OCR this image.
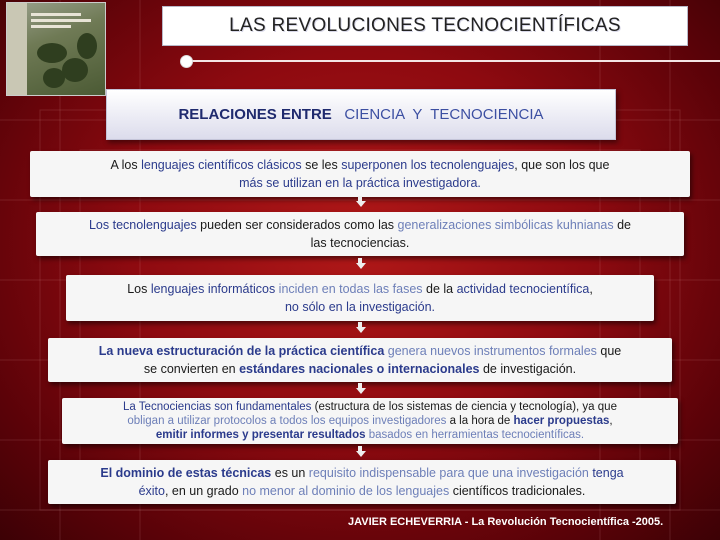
LAS REVOLUCIONES TECNOCIENTÍFICAS
RELACIONES ENTRE CIENCIA  Y  TECNOCIENCIA
A los lenguajes científicos clásicos se les superponen los tecnolenguajes, que son los que
más se utilizan en la práctica investigadora.
Los tecnolenguajes pueden ser considerados como las generalizaciones simbólicas kuhnianas de
las tecnociencias.
Los lenguajes informáticos inciden en todas las fases de la actividad tecnocientífica,
no sólo en la investigación.
La nueva estructuración de la práctica científica genera nuevos instrumentos formales que
se convierten en estándares nacionales o internacionales de investigación.
La Tecnociencias son fundamentales (estructura de los sistemas de ciencia y tecnología), ya que
obligan a utilizar protocolos a todos los equipos investigadores a la hora de hacer propuestas,
emitir informes y presentar resultados basados en herramientas tecnocientíficas.
El dominio de estas técnicas es un requisito indispensable para que una investigación tenga
éxito, en un grado no menor al dominio de los lenguajes científicos tradicionales.
JAVIER ECHEVERRIA - La Revolución Tecnocientífica -2005.
